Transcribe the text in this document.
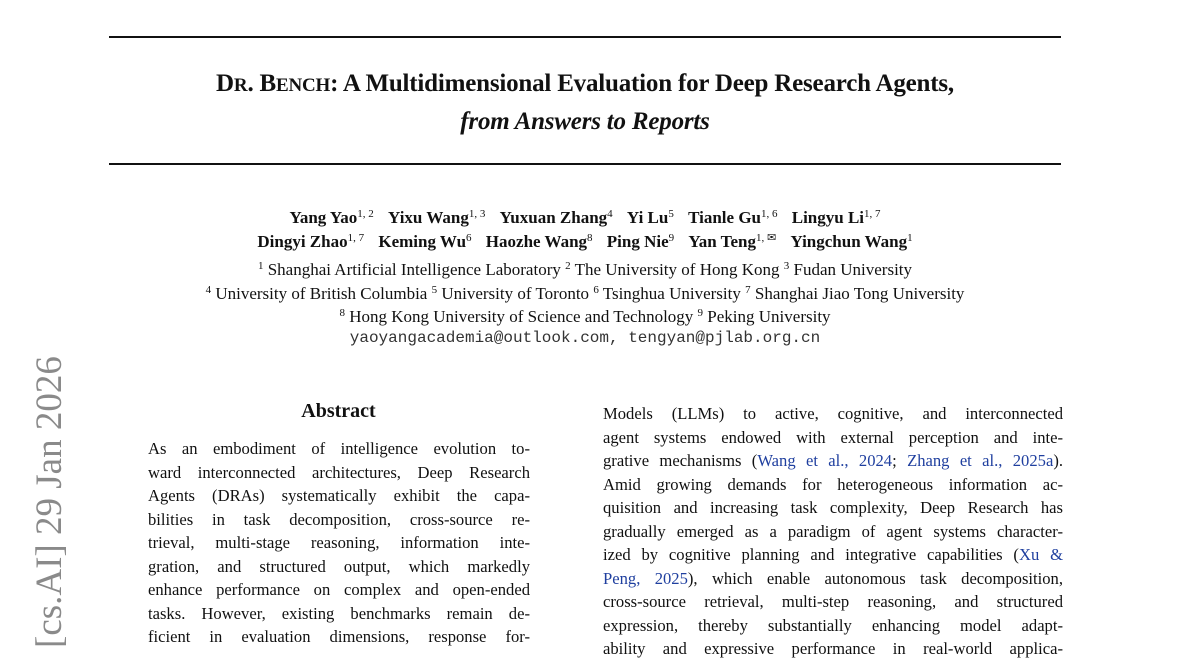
DR. BENCH: A Multidimensional Evaluation for Deep Research Agents,
from Answers to Reports
Yang Yao$^{1, 2}$ Yixu Wang$^{1, 3}$ Yuxuan Zhang$^4$ Yi Lu$^5$ Tianle Gu$^{1, 6}$ Lingyu Li$^{1, 7}$
Dingyi Zhao$^{1, 7}$ Keming Wu$^6$ Haozhe Wang$^8$ Ping Nie$^9$ Yan Teng$^{1, ✉}$ Yingchun Wang$^1$
$^1$ Shanghai Artificial Intelligence Laboratory $^2$ The University of Hong Kong $^3$ Fudan University
$^4$ University of British Columbia $^5$ University of Toronto $^6$ Tsinghua University $^7$ Shanghai Jiao Tong University
$^8$ Hong Kong University of Science and Technology $^9$ Peking University
yaoyangacademia@outlook.com, tengyan@pjlab.org.cn
[cs.AI] 29 Jan 2026	Abstract
As an embodiment of intelligence evolution to-
ward interconnected architectures, Deep Research
Agents (DRAs) systematically exhibit the capa-
bilities in task decomposition, cross-source re-
trieval, multi-stage reasoning, information inte-
gration, and structured output, which markedly
enhance performance on complex and open-ended
tasks. However, existing benchmarks remain de-
ficient in evaluation dimensions, response for-
Models (LLMs) to active, cognitive, and interconnected
agent systems endowed with external perception and inte-
grative mechanisms (Wang et al., 2024; Zhang et al., 2025a).
Amid growing demands for heterogeneous information ac-
quisition and increasing task complexity, Deep Research has
gradually emerged as a paradigm of agent systems character-
ized by cognitive planning and integrative capabilities (Xu &
Peng, 2025), which enable autonomous task decomposition,
cross-source retrieval, multi-step reasoning, and structured
expression, thereby substantially enhancing model adapt-
ability and expressive performance in real-world applica-
